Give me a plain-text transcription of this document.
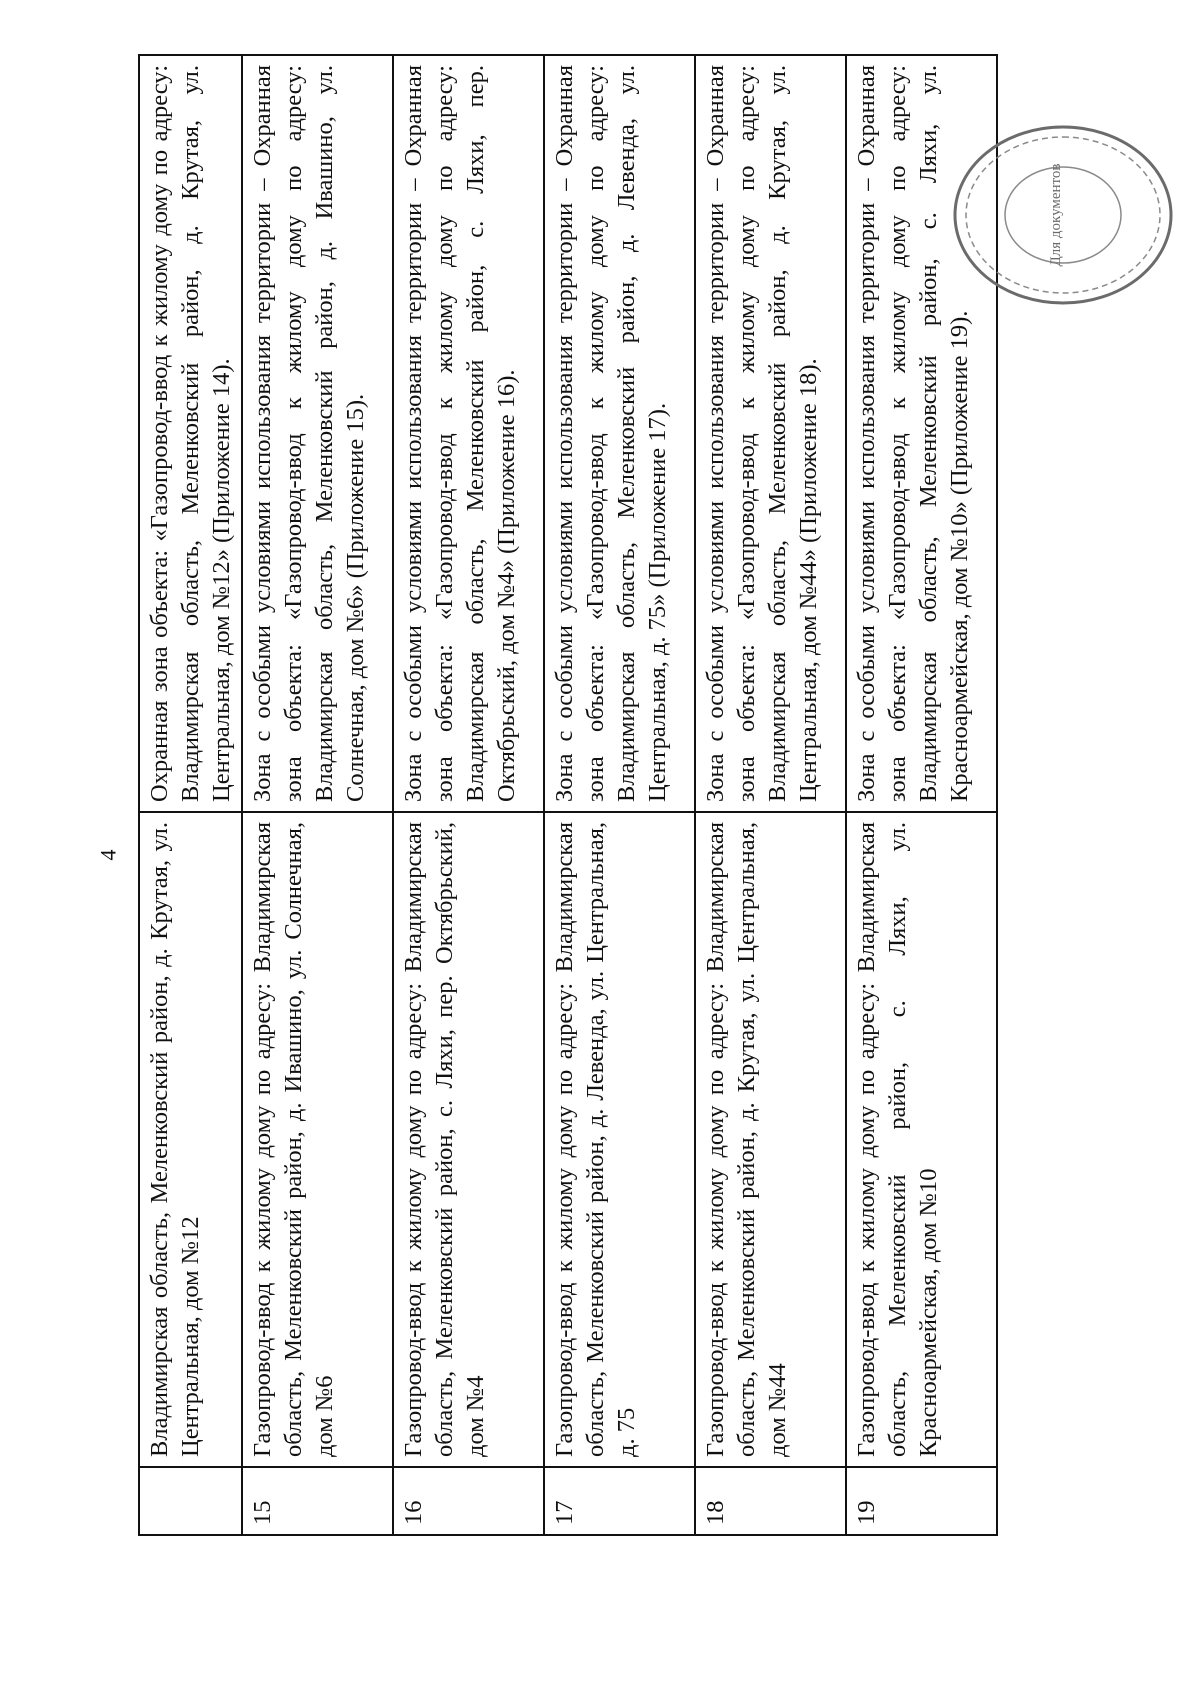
4
	Владимирская область, Меленковский район, д. Крутая, ул. Центральная, дом №12	Охранная зона объекта: «Газопровод-ввод к жилому дому по адресу: Владимирская область, Меленковский район, д. Крутая, ул. Центральная, дом №12» (Приложение 14).
15	Газопровод-ввод к жилому дому по адресу: Владимирская область, Меленковский район, д. Ивашино, ул. Солнечная, дом №6	Зона с особыми условиями использования территории – Охранная зона объекта: «Газопровод-ввод к жилому дому по адресу: Владимирская область, Меленковский район, д. Ивашино, ул. Солнечная, дом №6» (Приложение 15).
16	Газопровод-ввод к жилому дому по адресу: Владимирская область, Меленковский район, с. Ляхи, пер. Октябрьский, дом №4	Зона с особыми условиями использования территории – Охранная зона объекта: «Газопровод-ввод к жилому дому по адресу: Владимирская область, Меленковский район, с. Ляхи, пер. Октябрьский, дом №4» (Приложение 16).
17	Газопровод-ввод к жилому дому по адресу: Владимирская область, Меленковский район, д. Левенда, ул. Центральная, д. 75	Зона с особыми условиями использования территории – Охранная зона объекта: «Газопровод-ввод к жилому дому по адресу: Владимирская область, Меленковский район, д. Левенда, ул. Центральная, д. 75» (Приложение 17).
18	Газопровод-ввод к жилому дому по адресу: Владимирская область, Меленковский район, д. Крутая, ул. Центральная, дом №44	Зона с особыми условиями использования территории – Охранная зона объекта: «Газопровод-ввод к жилому дому по адресу: Владимирская область, Меленковский район, д. Крутая, ул. Центральная, дом №44» (Приложение 18).
19	Газопровод-ввод к жилому дому по адресу: Владимирская область, Меленковский район, с. Ляхи, ул. Красноармейская, дом №10	Зона с особыми условиями использования территории – Охранная зона объекта: «Газопровод-ввод к жилому дому по адресу: Владимирская область, Меленковский район, с. Ляхи, ул. Красноармейская, дом №10» (Приложение 19).
Для документов
